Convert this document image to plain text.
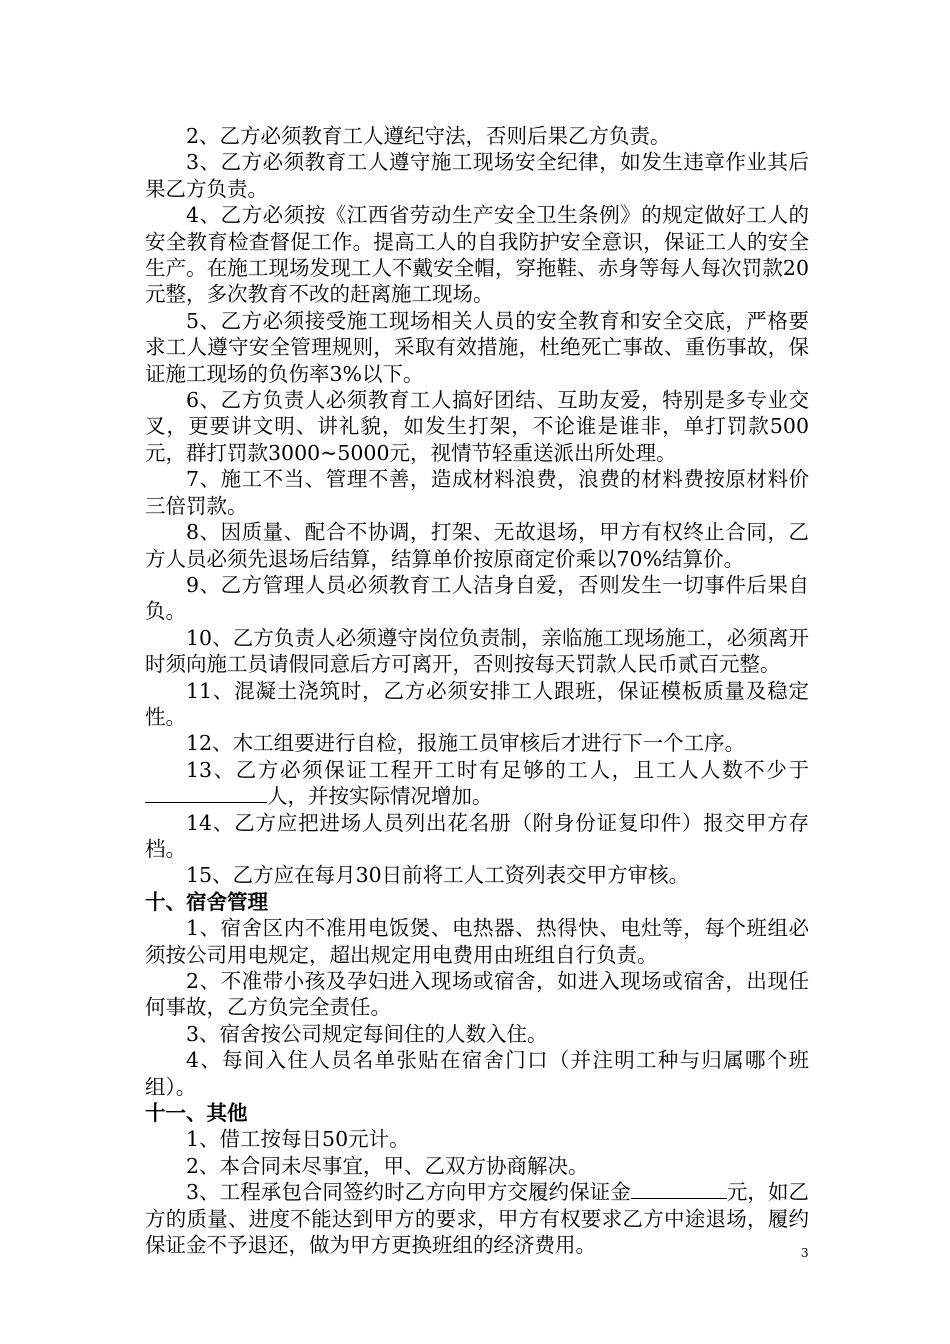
2、乙方必须教育工人遵纪守法，否则后果乙方负责。

3、乙方必须教育工人遵守施工现场安全纪律，如发生违章作业其后果乙方负责。

4、乙方必须按《江西省劳动生产安全卫生条例》的规定做好工人的安全教育检查督促工作。提高工人的自我防护安全意识，保证工人的安全生产。在施工现场发现工人不戴安全帽，穿拖鞋、赤身等每人每次罚款20元整，多次教育不改的赶离施工现场。

5、乙方必须接受施工现场相关人员的安全教育和安全交底，严格要求工人遵守安全管理规则，采取有效措施，杜绝死亡事故、重伤事故，保证施工现场的负伤率3%以下。

6、乙方负责人必须教育工人搞好团结、互助友爱，特别是多专业交叉，更要讲文明、讲礼貌，如发生打架，不论谁是谁非，单打罚款500元，群打罚款3000~5000元，视情节轻重送派出所处理。

7、施工不当、管理不善，造成材料浪费，浪费的材料费按原材料价三倍罚款。

8、因质量、配合不协调，打架、无故退场，甲方有权终止合同，乙方人员必须先退场后结算，结算单价按原商定价乘以70%结算价。

9、乙方管理人员必须教育工人洁身自爱，否则发生一切事件后果自负。

10、乙方负责人必须遵守岗位负责制，亲临施工现场施工，必须离开时须向施工员请假同意后方可离开，否则按每天罚款人民币贰百元整。

11、混凝土浇筑时，乙方必须安排工人跟班，保证模板质量及稳定性。

12、木工组要进行自检，报施工员审核后才进行下一个工序。

13、乙方必须保证工程开工时有足够的工人，且工人人数不少于人，并按实际情况增加。

14、乙方应把进场人员列出花名册（附身份证复印件）报交甲方存档。

15、乙方应在每月30日前将工人工资列表交甲方审核。

十、宿舍管理

1、宿舍区内不准用电饭煲、电热器、热得快、电灶等，每个班组必须按公司用电规定，超出规定用电费用由班组自行负责。

2、不准带小孩及孕妇进入现场或宿舍，如进入现场或宿舍，出现任何事故，乙方负完全责任。

3、宿舍按公司规定每间住的人数入住。

4、每间入住人员名单张贴在宿舍门口（并注明工种与归属哪个班组）。

十一、其他

1、借工按每日50元计。

2、本合同未尽事宜，甲、乙双方协商解决。

3、工程承包合同签约时乙方向甲方交履约保证金	元，如乙方的质量、进度不能达到甲方的要求，甲方有权要求乙方中途退场，履约保证金不予退还，做为甲方更换班组的经济费用。	3
